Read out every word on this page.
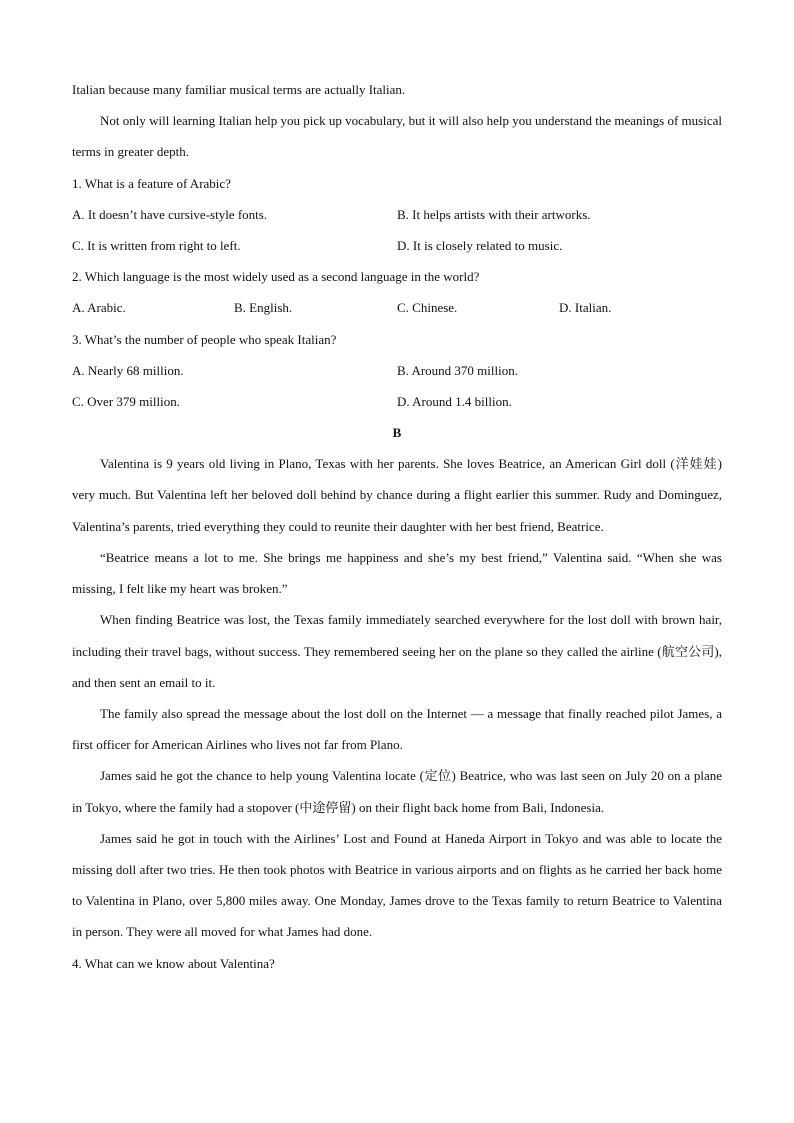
Italian because many familiar musical terms are actually Italian.

Not only will learning Italian help you pick up vocabulary, but it will also help you understand the meanings of musical terms in greater depth.

1. What is a feature of Arabic?

A. It doesn’t have cursive-style fonts.	B. It helps artists with their artworks.
C. It is written from right to left.	D. It is closely related to music.

2. Which language is the most widely used as a second language in the world?

A. Arabic.	B. English.	C. Chinese.	D. Italian.

3. What’s the number of people who speak Italian?

A. Nearly 68 million.	B. Around 370 million.
C. Over 379 million.	D. Around 1.4 billion.
B

Valentina is 9 years old living in Plano, Texas with her parents. She loves Beatrice, an American Girl doll (洋娃娃) very much. But Valentina left her beloved doll behind by chance during a flight earlier this summer. Rudy and Dominguez, Valentina’s parents, tried everything they could to reunite their daughter with her best friend, Beatrice.

“Beatrice means a lot to me. She brings me happiness and she’s my best friend,” Valentina said. “When she was missing, I felt like my heart was broken.”

When finding Beatrice was lost, the Texas family immediately searched everywhere for the lost doll with brown hair, including their travel bags, without success. They remembered seeing her on the plane so they called the airline (航空公司), and then sent an email to it.

The family also spread the message about the lost doll on the Internet — a message that finally reached pilot James, a first officer for American Airlines who lives not far from Plano.

James said he got the chance to help young Valentina locate (定位) Beatrice, who was last seen on July 20 on a plane in Tokyo, where the family had a stopover (中途停留) on their flight back home from Bali, Indonesia.

James said he got in touch with the Airlines’ Lost and Found at Haneda Airport in Tokyo and was able to locate the missing doll after two tries. He then took photos with Beatrice in various airports and on flights as he carried her back home to Valentina in Plano, over 5,800 miles away. One Monday, James drove to the Texas family to return Beatrice to Valentina in person. They were all moved for what James had done.

4. What can we know about Valentina?
